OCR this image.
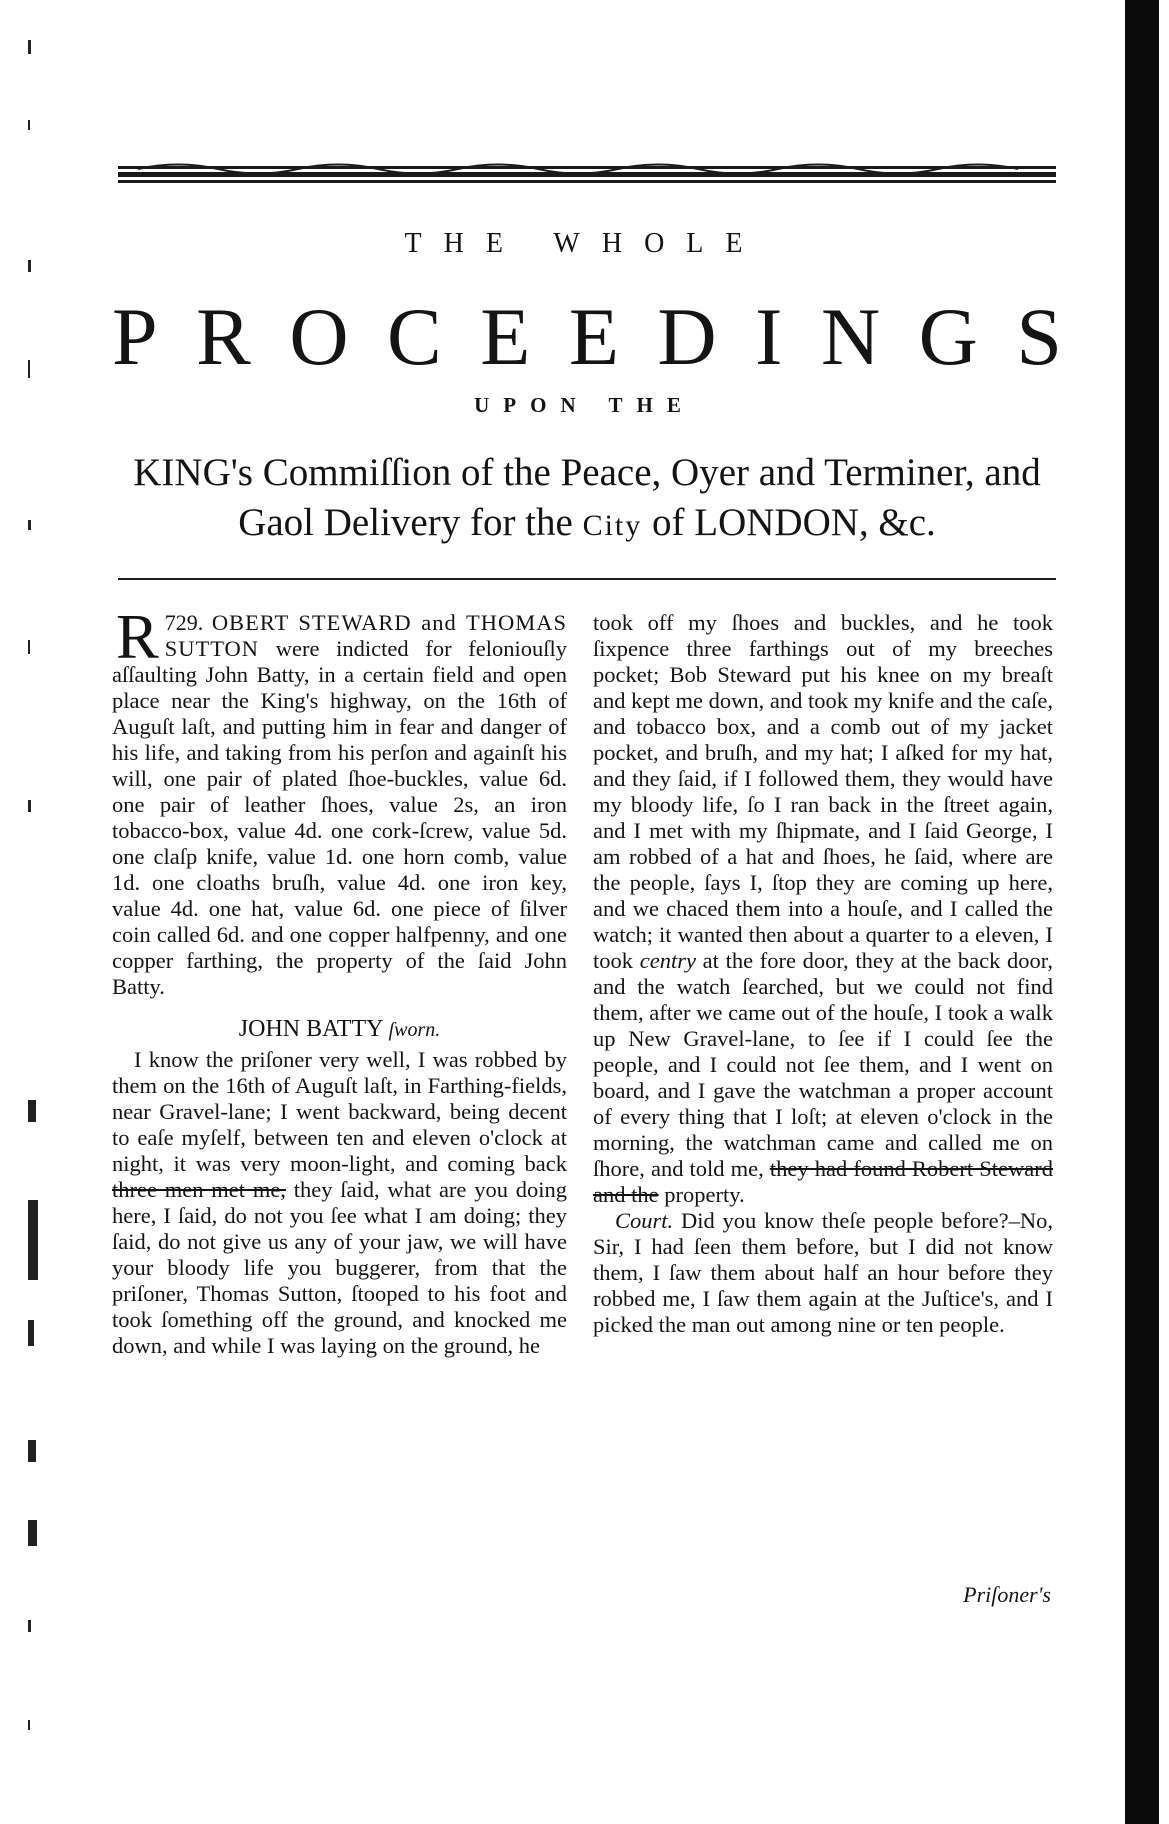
THE WHOLE
P R O C E E D I N G S
UPON THE
KING's Commiſſion of the Peace, Oyer and Terminer, and
Gaol Delivery for the City of LONDON, &c.

729.
R OBERT STEWARD and THOMAS SUTTON were indicted for feloniouſly aſſaulting John Batty, in a certain field and open place near the King's highway, on the 16th of Auguſt laſt, and putting him in fear and danger of his life, and taking from his perſon and againſt his will, one pair of plated ſhoe-buckles, value 6d. one pair of leather ſhoes, value 2s, an iron tobacco-box, value 4d. one cork-ſcrew, value 5d. one claſp knife, value 1d. one horn comb, value 1d. one cloaths bruſh, value 4d. one iron key, value 4d. one hat, value 6d. one piece of ſilver coin called 6d. and one copper halfpenny, and one copper farthing, the property of the ſaid John Batty.

JOHN BATTY ſworn.

I know the priſoner very well, I was robbed by them on the 16th of Auguſt laſt, in Farthing-fields, near Gravel-lane; I went backward, being decent to eaſe myſelf, between ten and eleven o'clock at night, it was very moon-light, and coming back three men met me, they ſaid, what are you doing here, I ſaid, do not you ſee what I am doing; they ſaid, do not give us any of your jaw, we will have your bloody life you buggerer, from that the priſoner, Thomas Sutton, ſtooped to his foot and took ſomething off the ground, and knocked me down, and while I was laying on the ground, he

took off my ſhoes and buckles, and he took ſixpence three farthings out of my breeches pocket; Bob Steward put his knee on my breaſt and kept me down, and took my knife and the caſe, and tobacco box, and a comb out of my jacket pocket, and bruſh, and my hat; I aſked for my hat, and they ſaid, if I followed them, they would have my bloody life, ſo I ran back in the ſtreet again, and I met with my ſhipmate, and I ſaid George, I am robbed of a hat and ſhoes, he ſaid, where are the people, ſays I, ſtop they are coming up here, and we chaced them into a houſe, and I called the watch; it wanted then about a quarter to a eleven, I took centry at the fore door, they at the back door, and the watch ſearched, but we could not find them, after we came out of the houſe, I took a walk up New Gravel-lane, to ſee if I could ſee the people, and I could not ſee them, and I went on board, and I gave the watchman a proper account of every thing that I loſt; at eleven o'clock in the morning, the watchman came and called me on ſhore, and told me, they had found Robert Steward and the property.

Court. Did you know theſe people before?–No, Sir, I had ſeen them before, but I did not know them, I ſaw them about half an hour before they robbed me, I ſaw them again at the Juſtice's, and I picked the man out among nine or ten people.

Priſoner's
